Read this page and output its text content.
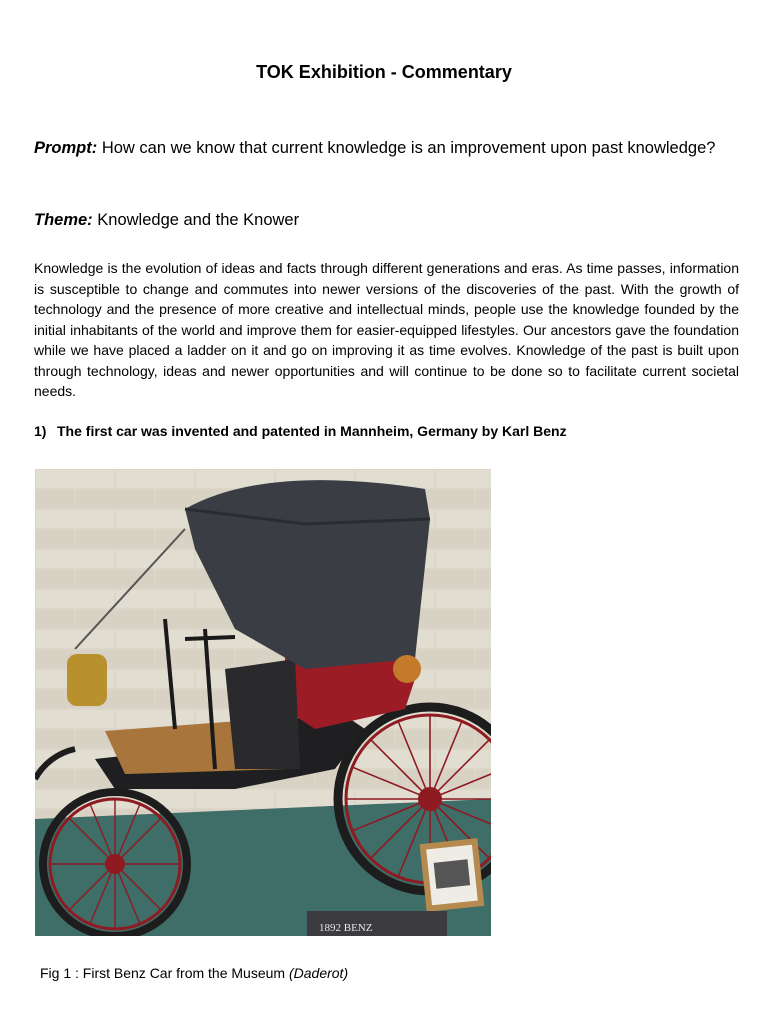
TOK Exhibition - Commentary

Prompt: How can we know that current knowledge is an improvement upon past knowledge?

Theme: Knowledge and the Knower

Knowledge is the evolution of ideas and facts through different generations and eras. As time passes, information is susceptible to change and commutes into newer versions of the discoveries of the past. With the growth of technology and the presence of more creative and intellectual minds, people use the knowledge founded by the initial inhabitants of the world and improve them for easier-equipped lifestyles. Our ancestors gave the foundation while we have placed a ladder on it and go on improving it as time evolves. Knowledge of the past is built upon through technology, ideas and newer opportunities and will continue to be done so to facilitate current societal needs.

1) The first car was invented and patented in Mannheim, Germany by Karl Benz

1892 BENZ

Fig 1 : First Benz Car from the Museum (Daderot)
